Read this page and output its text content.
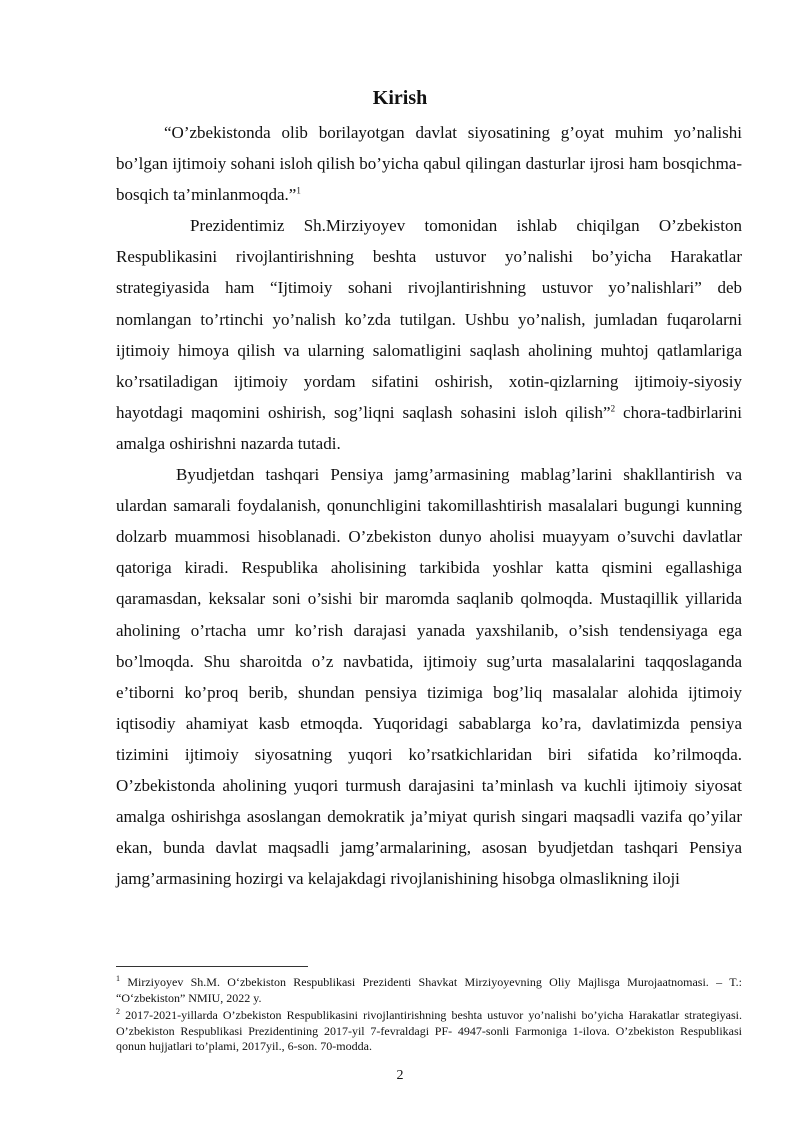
Kirish

“O’zbekistonda olib borilayotgan davlat siyosatining g’oyat muhim yo’nalishi bo’lgan ijtimoiy sohani isloh qilish bo’yicha qabul qilingan dasturlar ijrosi ham bosqichma-bosqich ta’minlanmoqda.”$^1$

Prezidentimiz Sh.Mirziyoyev tomonidan ishlab chiqilgan O’zbekiston Respublikasini rivojlantirishning beshta ustuvor yo’nalishi bo’yicha Harakatlar strategiyasida ham “Ijtimoiy sohani rivojlantirishning ustuvor yo’nalishlari” deb nomlangan to’rtinchi yo’nalish ko’zda tutilgan. Ushbu yo’nalish, jumladan fuqarolarni ijtimoiy himoya qilish va ularning salomatligini saqlash aholining muhtoj qatlamlariga ko’rsatiladigan ijtimoiy yordam sifatini oshirish, xotin-qizlarning ijtimoiy-siyosiy hayotdagi maqomini oshirish, sog’liqni saqlash sohasini isloh qilish”$^2$ chora-tadbirlarini amalga oshirishni nazarda tutadi.

Byudjetdan tashqari Pensiya jamg’armasining mablag’larini shakllantirish va ulardan samarali foydalanish, qonunchligini takomillashtirish masalalari bugungi kunning dolzarb muammosi hisoblanadi. O’zbekiston dunyo aholisi muayyam o’suvchi davlatlar qatoriga kiradi. Respublika aholisining tarkibida yoshlar katta qismini egallashiga qaramasdan, keksalar soni o’sishi bir maromda saqlanib qolmoqda. Mustaqillik yillarida aholining o’rtacha umr ko’rish darajasi yanada yaxshilanib, o’sish tendensiyaga ega bo’lmoqda. Shu sharoitda o’z navbatida, ijtimoiy sug’urta masalalarini taqqoslaganda e’tiborni ko’proq berib, shundan pensiya tizimiga bog’liq masalalar alohida ijtimoiy iqtisodiy ahamiyat kasb etmoqda. Yuqoridagi sabablarga ko’ra, davlatimizda pensiya tizimini ijtimoiy siyosatning yuqori ko’rsatkichlaridan biri sifatida ko’rilmoqda. O’zbekistonda aholining yuqori turmush darajasini ta’minlash va kuchli ijtimoiy siyosat amalga oshirishga asoslangan demokratik ja’miyat qurish singari maqsadli vazifa qo’yilar ekan, bunda davlat maqsadli jamg’armalarining, asosan byudjetdan tashqari Pensiya jamg’armasining hozirgi va kelajakdagi rivojlanishining hisobga olmaslikning iloji

$^1$ Mirziyoyev Sh.M. O‘zbekiston Respublikasi Prezidenti Shavkat Mirziyoyevning Oliy Majlisga Murojaatnomasi. – T.: “O‘zbekiston” NMIU, 2022 y.

$^2$ 2017-2021-yillarda O’zbekiston Respublikasini rivojlantirishning beshta ustuvor yo’nalishi bo’yicha Harakatlar strategiyasi. O’zbekiston Respublikasi Prezidentining 2017-yil 7-fevraldagi PF- 4947-sonli Farmoniga 1-ilova. O’zbekiston Respublikasi qonun hujjatlari to’plami, 2017yil., 6-son. 70-modda.

2
